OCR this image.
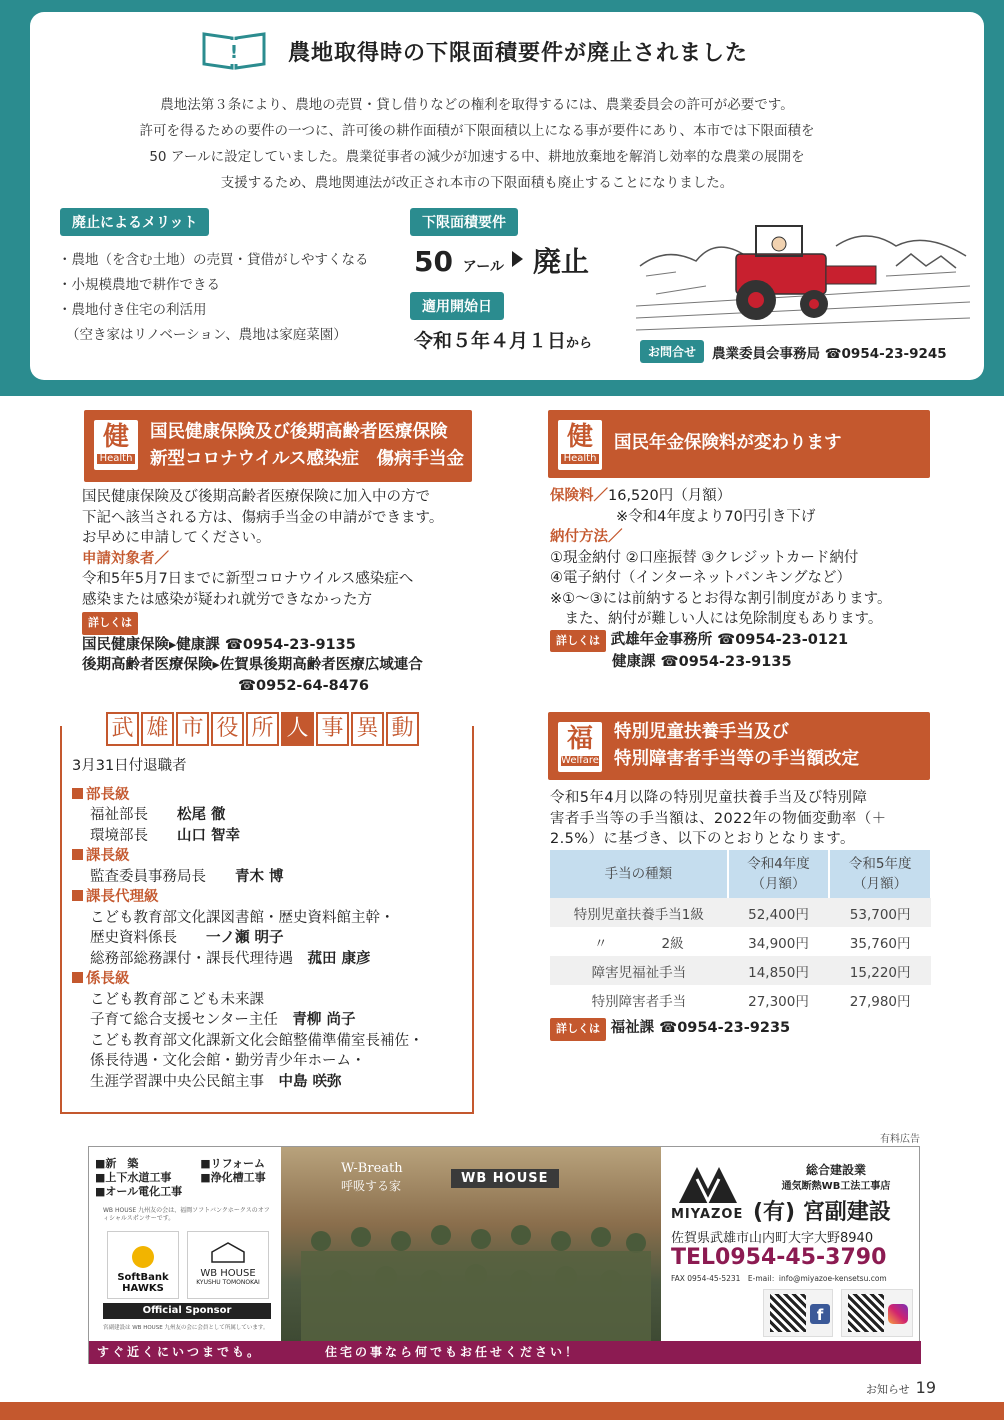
! 農地取得時の下限面積要件が廃止されました
農地法第３条により、農地の売買・貸し借りなどの権利を取得するには、農業委員会の許可が必要です。
許可を得るための要件の一つに、許可後の耕作面積が下限面積以上になる事が要件にあり、本市では下限面積を
50 アールに設定していました。農業従事者の減少が加速する中、耕地放棄地を解消し効率的な農業の展開を
支援するため、農地関連法が改正され本市の下限面積も廃止することになりました。
廃止によるメリット
・農地（を含む土地）の売買・貸借がしやすくなる
・小規模農地で耕作できる
・農地付き住宅の利活用
（空き家はリノベーション、農地は家庭菜園）
下限面積要件
50 アール 廃止
適用開始日
令和５年４月１日から
お問合せ	農業委員会事務局 ☎0954-23-9245
健
Health
国民健康保険及び後期高齢者医療保険
新型コロナウイルス感染症　傷病手当金
国民健康保険及び後期高齢者医療保険に加入中の方で
下記へ該当される方は、傷病手当金の申請ができます。
お早めに申請してください。
申請対象者／
令和5年5月7日までに新型コロナウイルス感染症へ
感染または感染が疑われ就労できなかった方
詳しくは
国民健康保険▸健康課 ☎0954-23-9135
後期高齢者医療保険▸佐賀県後期高齢者医療広域連合
☎0952-64-8476
健
Health
国民年金保険料が変わります
保険料／16,520円（月額）
※令和4年度より70円引き下げ
納付方法／
①現金納付 ②口座振替 ③クレジットカード納付
④電子納付（インターネットバンキングなど）
※①～③には前納するとお得な割引制度があります。
　また、納付が難しい人には免除制度もあります。
詳しくは 武雄年金事務所 ☎0954-23-0121
健康課 ☎0954-23-9135
武 雄 市 役 所 人 事 異 動
3月31日付退職者
部長級
福祉部長　　 松尾 徹
環境部長　　 山口 智幸
課長級
監査委員事務局長　　 青木 博
課長代理級
こども教育部文化課図書館・歴史資料館主幹・
歴史資料係長　　 一ノ瀬 明子
総務部総務課付・課長代理待遇　 菰田 康彦
係長級
こども教育部こども未来課
子育て総合支援センター主任　 青柳 尚子
こども教育部文化課新文化会館整備準備室長補佐・
係長待遇・文化会館・勤労青少年ホーム・
生涯学習課中央公民館主事　 中島 咲弥
福
Welfare
特別児童扶養手当及び
特別障害者手当等の手当額改定
令和5年4月以降の特別児童扶養手当及び特別障
害者手当等の手当額は、2022年の物価変動率（＋
2.5%）に基づき、以下のとおりとなります。
手当の種類	令和4年度
（月額）	令和5年度
（月額）
特別児童扶養手当1級	52,400円	53,700円
〃　　　　2級	34,900円	35,760円
障害児福祉手当	14,850円	15,220円
特別障害者手当	27,300円	27,980円
詳しくは 福祉課 ☎0954-23-9235
有料広告
■新　築
■上下水道工事
■オール電化工事
■リフォーム
■浄化槽工事
WB HOUSE 九州友の会は、福岡ソフトバンクホークスのオフィシャルスポンサーです。
SoftBank HAWKS
WB HOUSE
KYUSHU TOMONOKAI
Official Sponsor
宮副建設は WB HOUSE 九州友の会に会員として所属しています。
W-Breath
呼吸する家	WB HOUSE
MIYAZOE
総合建設業
通気断熱WB工法工事店
(有) 宮副建設
佐賀県武雄市山内町大字大野8940
TEL0954-45-3790
FAX 0954-45-5231　E-mail：info@miyazoe-kensetsu.com
f
すぐ近くにいつまでも。	住宅の事なら何でもお任せください！
お知らせ 19
